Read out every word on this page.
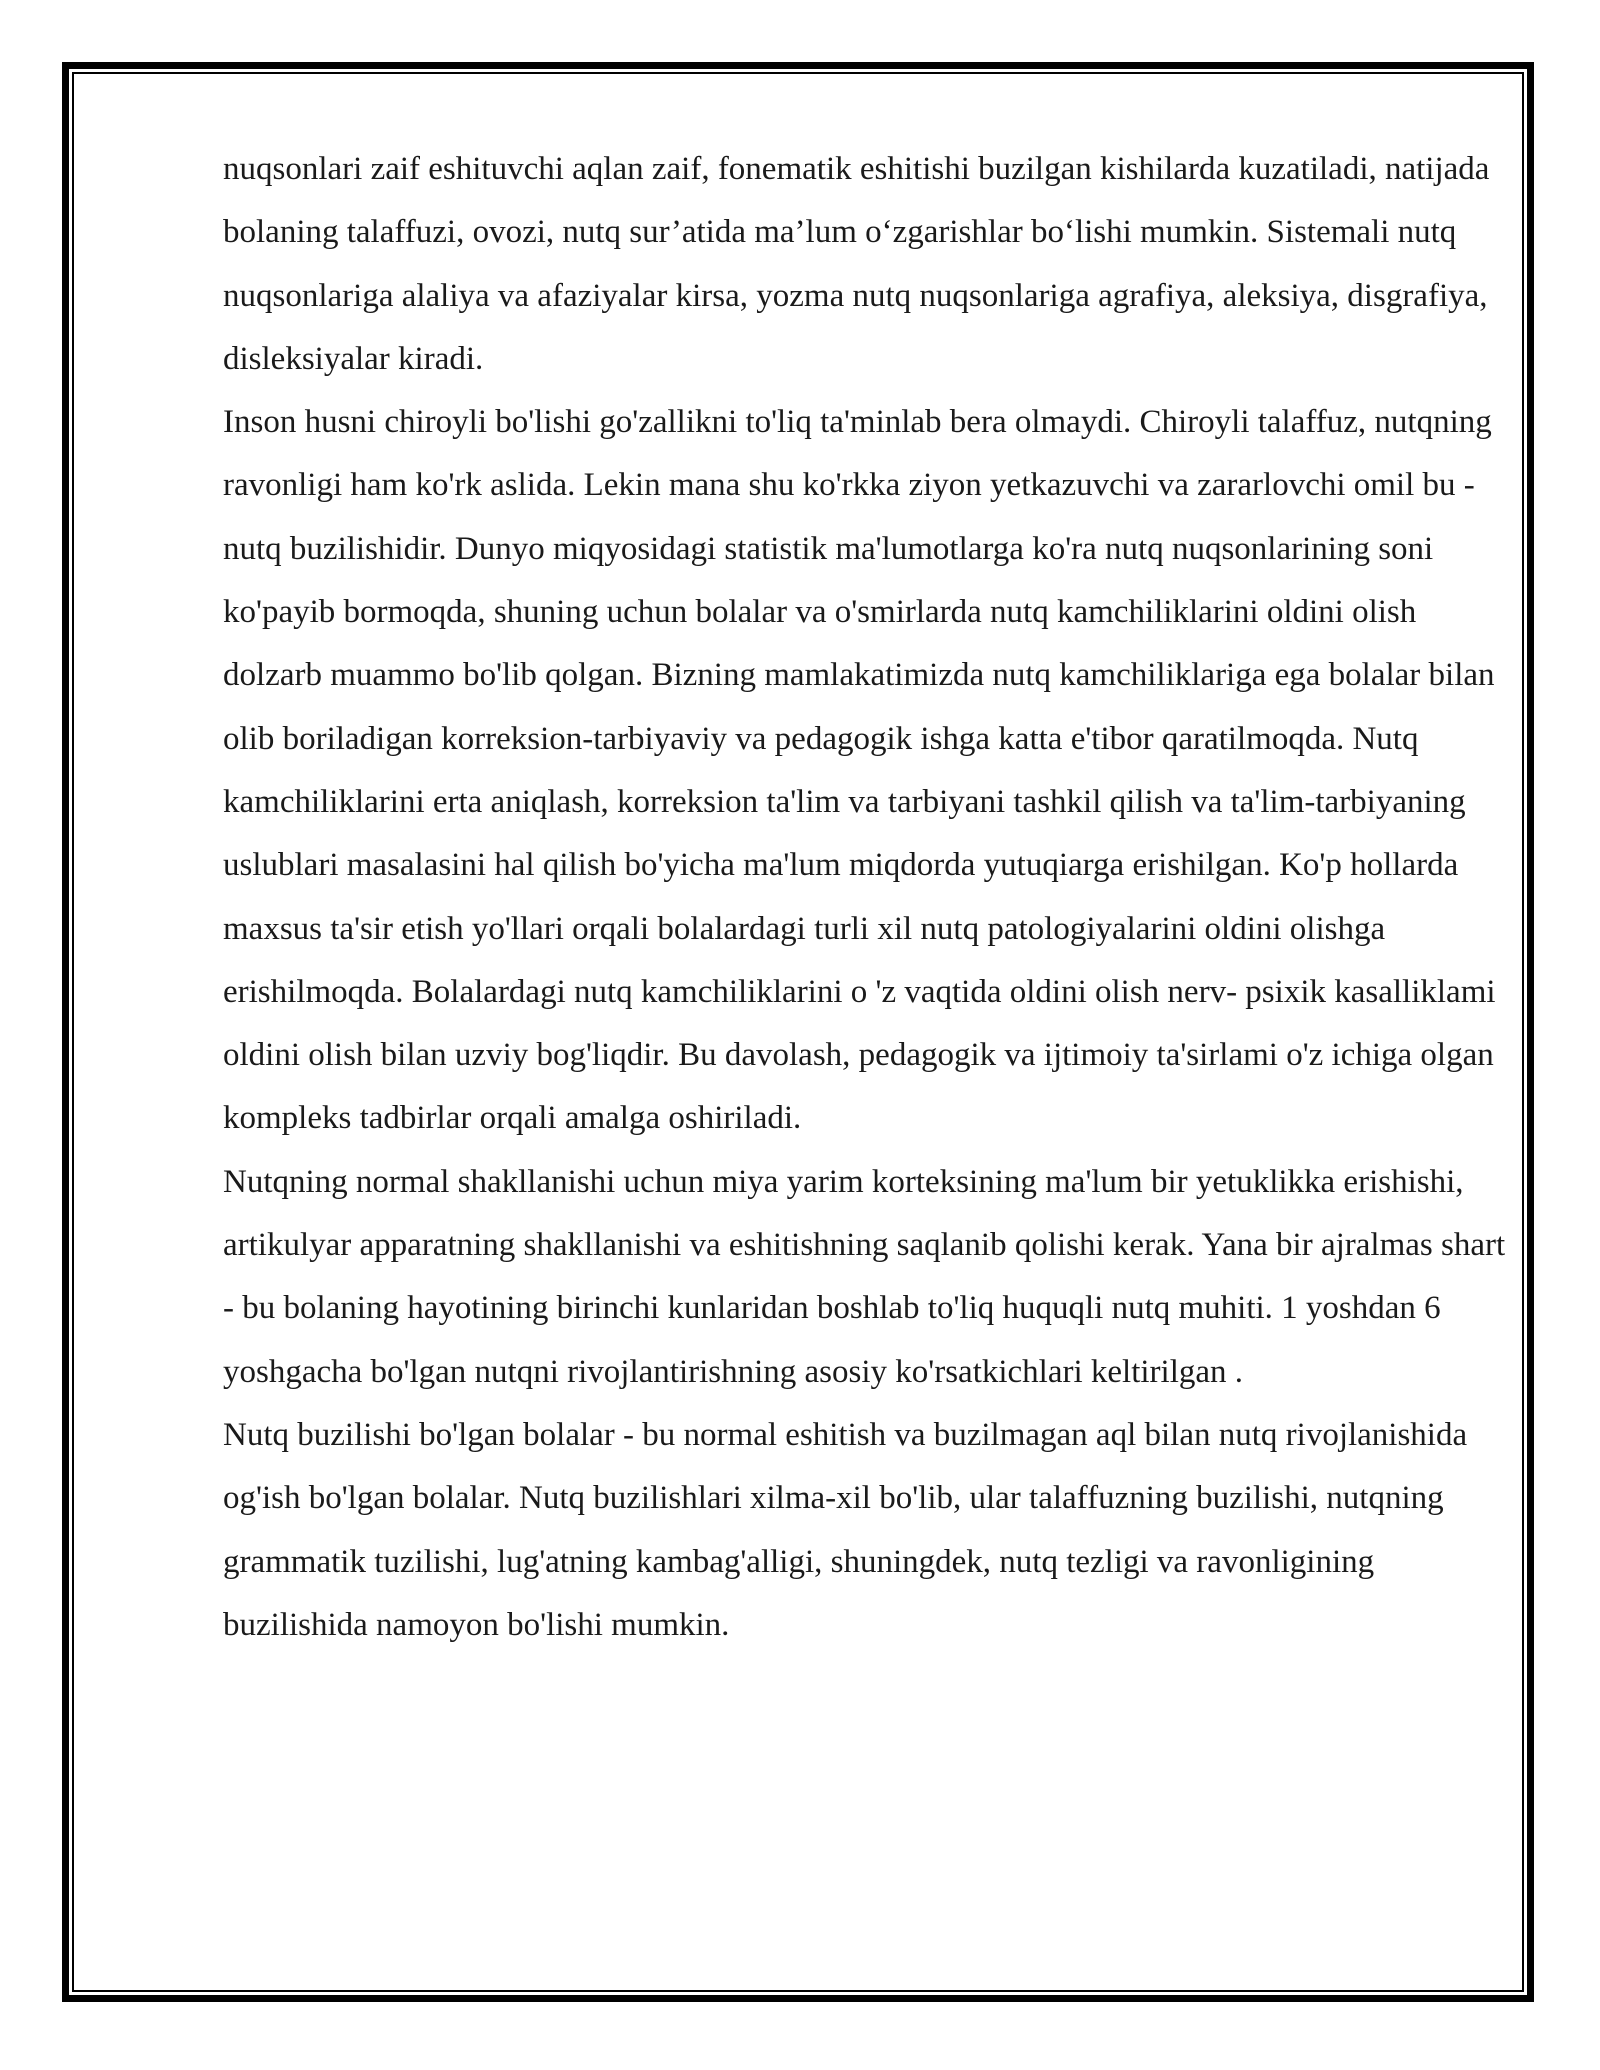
nuqsonlari zaif eshituvchi aqlan zaif, fonematik eshitishi buzilgan kishilarda kuzatiladi, natijada bolaning talaffuzi, ovozi, nutq sur’atida ma’lum o‘zgarishlar bo‘lishi mumkin. Sistemali nutq nuqsonlariga alaliya va afaziyalar kirsa, yozma nutq nuqsonlariga agrafiya, aleksiya, disgrafiya, disleksiyalar kiradi.

Inson husni chiroyli bo'lishi go'zallikni to'liq ta'minlab bera olmaydi. Chiroyli talaffuz, nutqning ravonligi ham ko'rk aslida. Lekin mana shu ko'rkka ziyon yetkazuvchi va zararlovchi omil bu - nutq buzilishidir. Dunyo miqyosidagi statistik ma'lumotlarga ko'ra nutq nuqsonlarining soni ko'payib bormoqda, shuning uchun bolalar va o'smirlarda nutq kamchiliklarini oldini olish dolzarb muammo bo'lib qolgan. Bizning mamlakatimizda nutq kamchiliklariga ega bolalar bilan olib boriladigan korreksion-tarbiyaviy va pedagogik ishga katta e'tibor qaratilmoqda. Nutq kamchiliklarini erta aniqlash, korreksion ta'lim va tarbiyani tashkil qilish va ta'lim-tarbiyaning uslublari masalasini hal qilish bo'yicha ma'lum miqdorda yutuqiarga erishilgan. Ko'p hollarda maxsus ta'sir etish yo'llari orqali bolalardagi turli xil nutq patologiyalarini oldini olishga erishilmoqda. Bolalardagi nutq kamchiliklarini o 'z vaqtida oldini olish nerv- psixik kasalliklami oldini olish bilan uzviy bog'liqdir. Bu davolash, pedagogik va ijtimoiy ta'sirlami o'z ichiga olgan kompleks tadbirlar orqali amalga oshiriladi.

Nutqning normal shakllanishi uchun miya yarim korteksining ma'lum bir yetuklikka erishishi, artikulyar apparatning shakllanishi va eshitishning saqlanib qolishi kerak. Yana bir ajralmas shart - bu bolaning hayotining birinchi kunlaridan boshlab to'liq huquqli nutq muhiti. 1 yoshdan 6 yoshgacha bo'lgan nutqni rivojlantirishning asosiy ko'rsatkichlari keltirilgan .

Nutq buzilishi bo'lgan bolalar - bu normal eshitish va buzilmagan aql bilan nutq rivojlanishida og'ish bo'lgan bolalar. Nutq buzilishlari xilma-xil bo'lib, ular talaffuzning buzilishi, nutqning grammatik tuzilishi, lug'atning kambag'alligi, shuningdek, nutq tezligi va ravonligining buzilishida namoyon bo'lishi mumkin.
